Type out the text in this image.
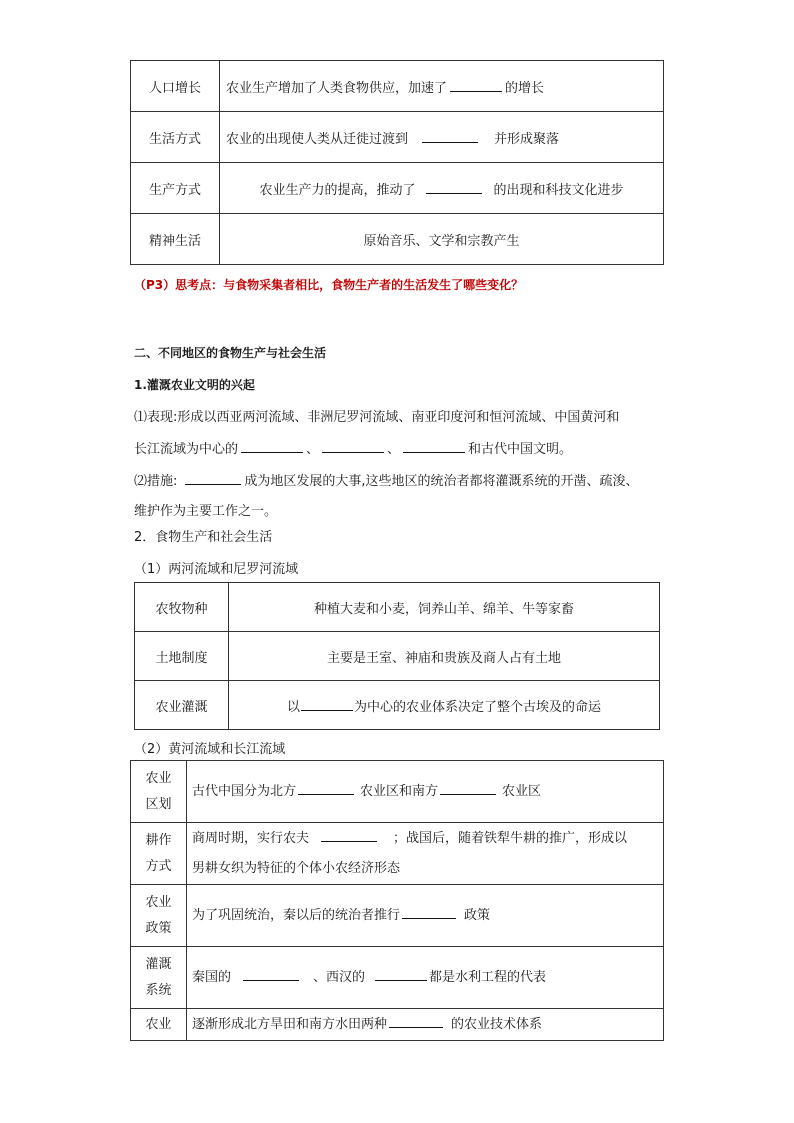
人口增长	农业生产增加了人类食物供应，加速了 的增长
生活方式	农业的出现使人类从迁徙过渡到 并形成聚落
生产方式	农业生产力的提高，推动了 的出现和科技文化进步
精神生活	原始音乐、文学和宗教产生

（P3）思考点：与食物采集者相比，食物生产者的生活发生了哪些变化？

二、不同地区的食物生产与社会生活

1.灌溉农业文明的兴起

⑴表现:形成以西亚两河流域、非洲尼罗河流域、南亚印度河和恒河流域、中国黄河和

长江流域为中心的	、	、	和古代中国文明。

⑵措施:	成为地区发展的大事,这些地区的统治者都将灌溉系统的开凿、疏浚、

维护作为主要工作之一。

2．食物生产和社会生活

（1）两河流域和尼罗河流域

农牧物种	种植大麦和小麦，饲养山羊、绵羊、牛等家畜
土地制度	主要是王室、神庙和贵族及商人占有土地
农业灌溉	以 为中心的农业体系决定了整个古埃及的命运

（2）黄河流域和长江流域

农业
区划	古代中国分为北方 农业区和南方 农业区
耕作
方式	商周时期，实行农夫 ；战国后，随着铁犁牛耕的推广，形成以
男耕女织为特征的个体小农经济形态
农业
政策	为了巩固统治，秦以后的统治者推行 政策
灌溉
系统	秦国的 、西汉的 都是水利工程的代表
农业	逐渐形成北方旱田和南方水田两种 的农业技术体系
